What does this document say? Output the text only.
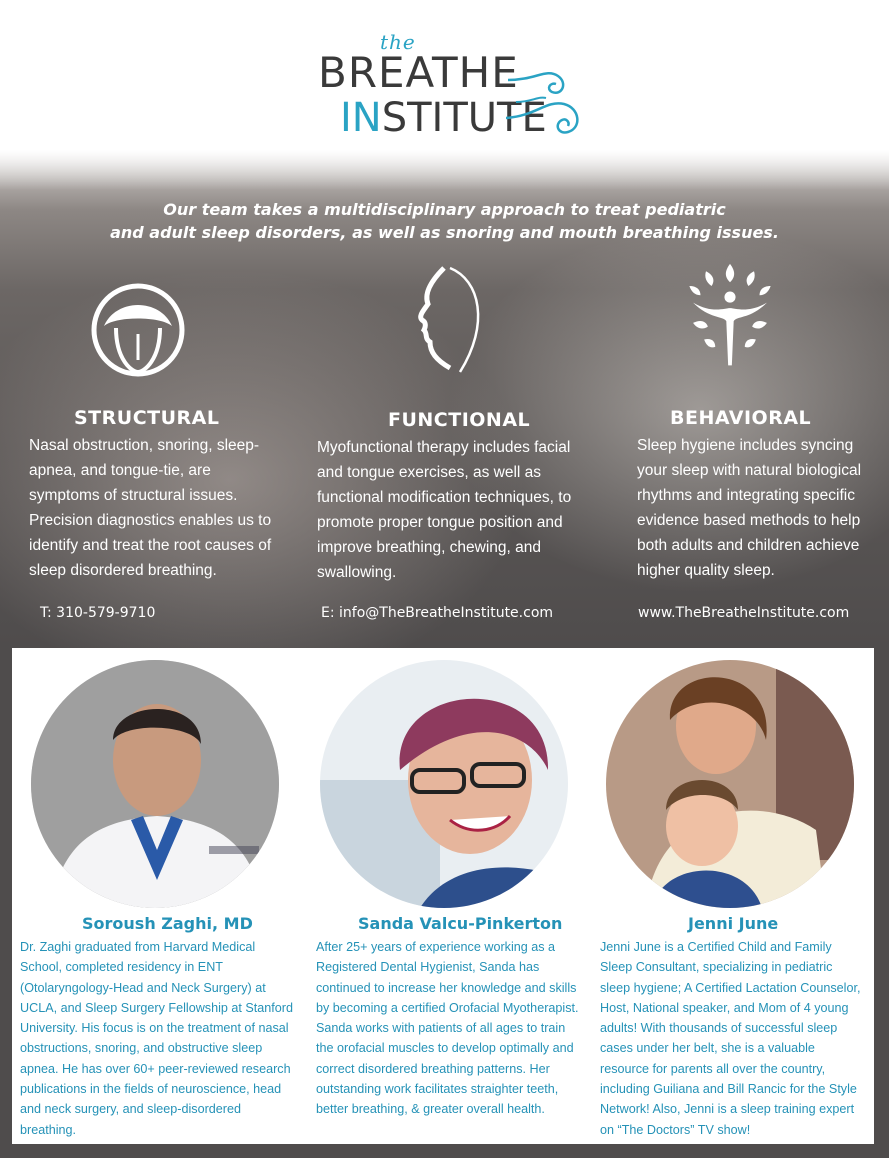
the
BREATHE
INSTITUTE
Our team takes a multidisciplinary approach to treat pediatric
and adult sleep disorders, as well as snoring and mouth breathing issues.
STRUCTURAL
Nasal obstruction, snoring, sleep-apnea, and tongue-tie, are symptoms of structural issues. Precision diagnostics enables us to identify and treat the root causes of sleep disordered breathing.
FUNCTIONAL
Myofunctional therapy includes facial and tongue exercises, as well as functional modification techniques, to promote proper tongue position and improve breathing, chewing, and swallowing.
BEHAVIORAL
Sleep hygiene includes syncing your sleep with natural biological rhythms and integrating specific evidence based methods to help both adults and children achieve higher quality sleep.
T: 310-579-9710	E: info@TheBreatheInstitute.com	www.TheBreatheInstitute.com
Soroush Zaghi, MD
Dr. Zaghi graduated from Harvard Medical School, completed residency in ENT (Otolaryngology-Head and Neck Surgery) at UCLA, and Sleep Surgery Fellowship at Stanford University. His focus is on the treatment of nasal obstructions, snoring, and obstructive sleep apnea. He has over 60+ peer-reviewed research publications in the fields of neuroscience, head and neck surgery, and sleep-disordered breathing.
Sanda Valcu-Pinkerton
After 25+ years of experience working as a Registered Dental Hygienist, Sanda has continued to increase her knowledge and skills by becoming a certified Orofacial Myotherapist. Sanda works with patients of all ages to train the orofacial muscles to develop optimally and correct disordered breathing patterns. Her outstanding work facilitates straighter teeth, better breathing, & greater overall health.
Jenni June
Jenni June is a Certified Child and Family Sleep Consultant, specializing in pediatric sleep hygiene; A Certified Lactation Counselor, Host, National speaker, and Mom of 4 young adults! With thousands of successful sleep cases under her belt, she is a valuable resource for parents all over the country, including Guiliana and Bill Rancic for the Style Network! Also, Jenni is a sleep training expert on “The Doctors” TV show!
